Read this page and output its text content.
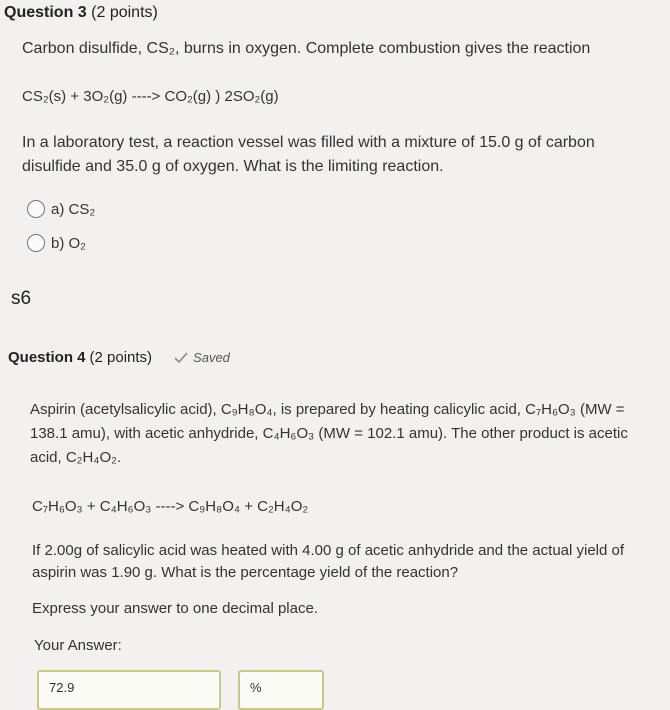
Question 3 (2 points)
Carbon disulfide, CS₂, burns in oxygen. Complete combustion gives the reaction
CS₂(s) + 3O₂(g) ----> CO₂(g) ) 2SO₂(g)
In a laboratory test, a reaction vessel was filled with a mixture of 15.0 g of carbon disulfide and 35.0 g of oxygen. What is the limiting reaction.
a) CS₂
b) O₂
s6
Question 4 (2 points)	Saved
Aspirin (acetylsalicylic acid), C₉H₈O₄, is prepared by heating calicylic acid, C₇H₆O₃ (MW = 138.1 amu), with acetic anhydride, C₄H₆O₃ (MW = 102.1 amu). The other product is acetic acid, C₂H₄O₂.
C₇H₆O₃ + C₄H₆O₃ ----> C₉H₈O₄ + C₂H₄O₂
If 2.00g of salicylic acid was heated with 4.00 g of acetic anhydride and the actual yield of aspirin was 1.90 g. What is the percentage yield of the reaction?
Express your answer to one decimal place.
Your Answer:
72.9	%
